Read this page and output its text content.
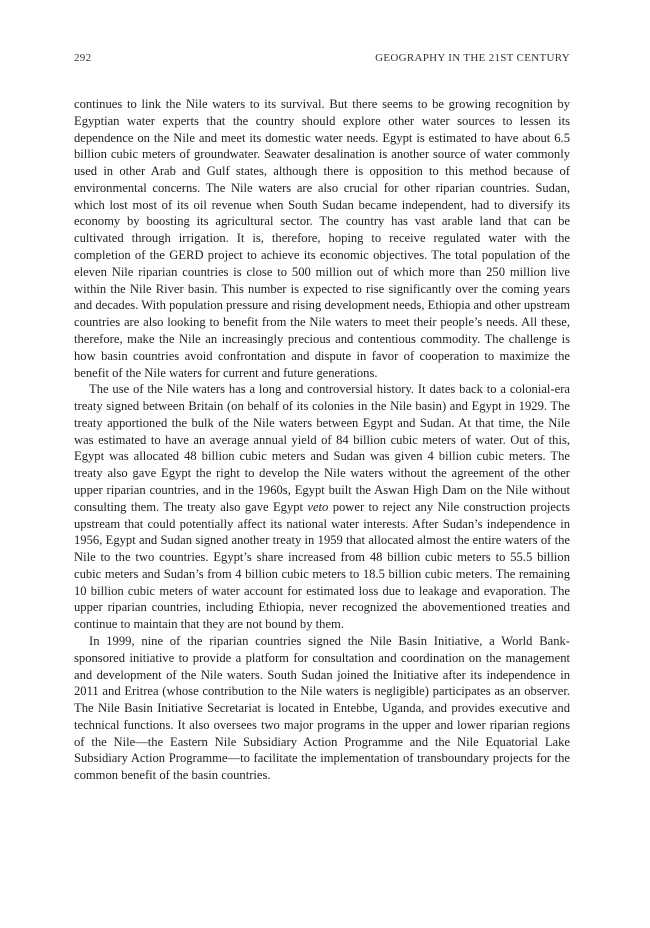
292	GEOGRAPHY IN THE 21ST CENTURY

continues to link the Nile waters to its survival. But there seems to be growing recognition by Egyptian water experts that the country should explore other water sources to lessen its dependence on the Nile and meet its domestic water needs. Egypt is estimated to have about 6.5 billion cubic meters of groundwater. Seawater desalination is another source of water commonly used in other Arab and Gulf states, although there is opposition to this method because of environmental concerns. The Nile waters are also crucial for other riparian countries. Sudan, which lost most of its oil revenue when South Sudan became independent, had to diversify its economy by boosting its agricultural sector. The country has vast arable land that can be cultivated through irrigation. It is, therefore, hoping to receive regulated water with the completion of the GERD project to achieve its economic objectives. The total population of the eleven Nile riparian countries is close to 500 million out of which more than 250 million live within the Nile River basin. This number is expected to rise significantly over the coming years and decades. With population pressure and rising development needs, Ethiopia and other upstream countries are also looking to benefit from the Nile waters to meet their people’s needs. All these, therefore, make the Nile an increasingly precious and contentious commodity. The challenge is how basin countries avoid confrontation and dispute in favor of cooperation to maximize the benefit of the Nile waters for current and future generations.

The use of the Nile waters has a long and controversial history. It dates back to a colonial-era treaty signed between Britain (on behalf of its colonies in the Nile basin) and Egypt in 1929. The treaty apportioned the bulk of the Nile waters between Egypt and Sudan. At that time, the Nile was estimated to have an average annual yield of 84 billion cubic meters of water. Out of this, Egypt was allocated 48 billion cubic meters and Sudan was given 4 billion cubic meters. The treaty also gave Egypt the right to develop the Nile waters without the agreement of the other upper riparian countries, and in the 1960s, Egypt built the Aswan High Dam on the Nile without consulting them. The treaty also gave Egypt veto power to reject any Nile construction projects upstream that could potentially affect its national water interests. After Sudan’s independence in 1956, Egypt and Sudan signed another treaty in 1959 that allocated almost the entire waters of the Nile to the two countries. Egypt’s share increased from 48 billion cubic meters to 55.5 billion cubic meters and Sudan’s from 4 billion cubic meters to 18.5 billion cubic meters. The remaining 10 billion cubic meters of water account for estimated loss due to leakage and evaporation. The upper riparian countries, including Ethiopia, never recognized the abovementioned treaties and continue to maintain that they are not bound by them.

In 1999, nine of the riparian countries signed the Nile Basin Initiative, a World Bank-sponsored initiative to provide a platform for consultation and coordination on the management and development of the Nile waters. South Sudan joined the Initiative after its independence in 2011 and Eritrea (whose contribution to the Nile waters is negligible) participates as an observer. The Nile Basin Initiative Secretariat is located in Entebbe, Uganda, and provides executive and technical functions. It also oversees two major programs in the upper and lower riparian regions of the Nile—the Eastern Nile Subsidiary Action Programme and the Nile Equatorial Lake Subsidiary Action Programme—to facilitate the implementation of transboundary projects for the common benefit of the basin countries.
